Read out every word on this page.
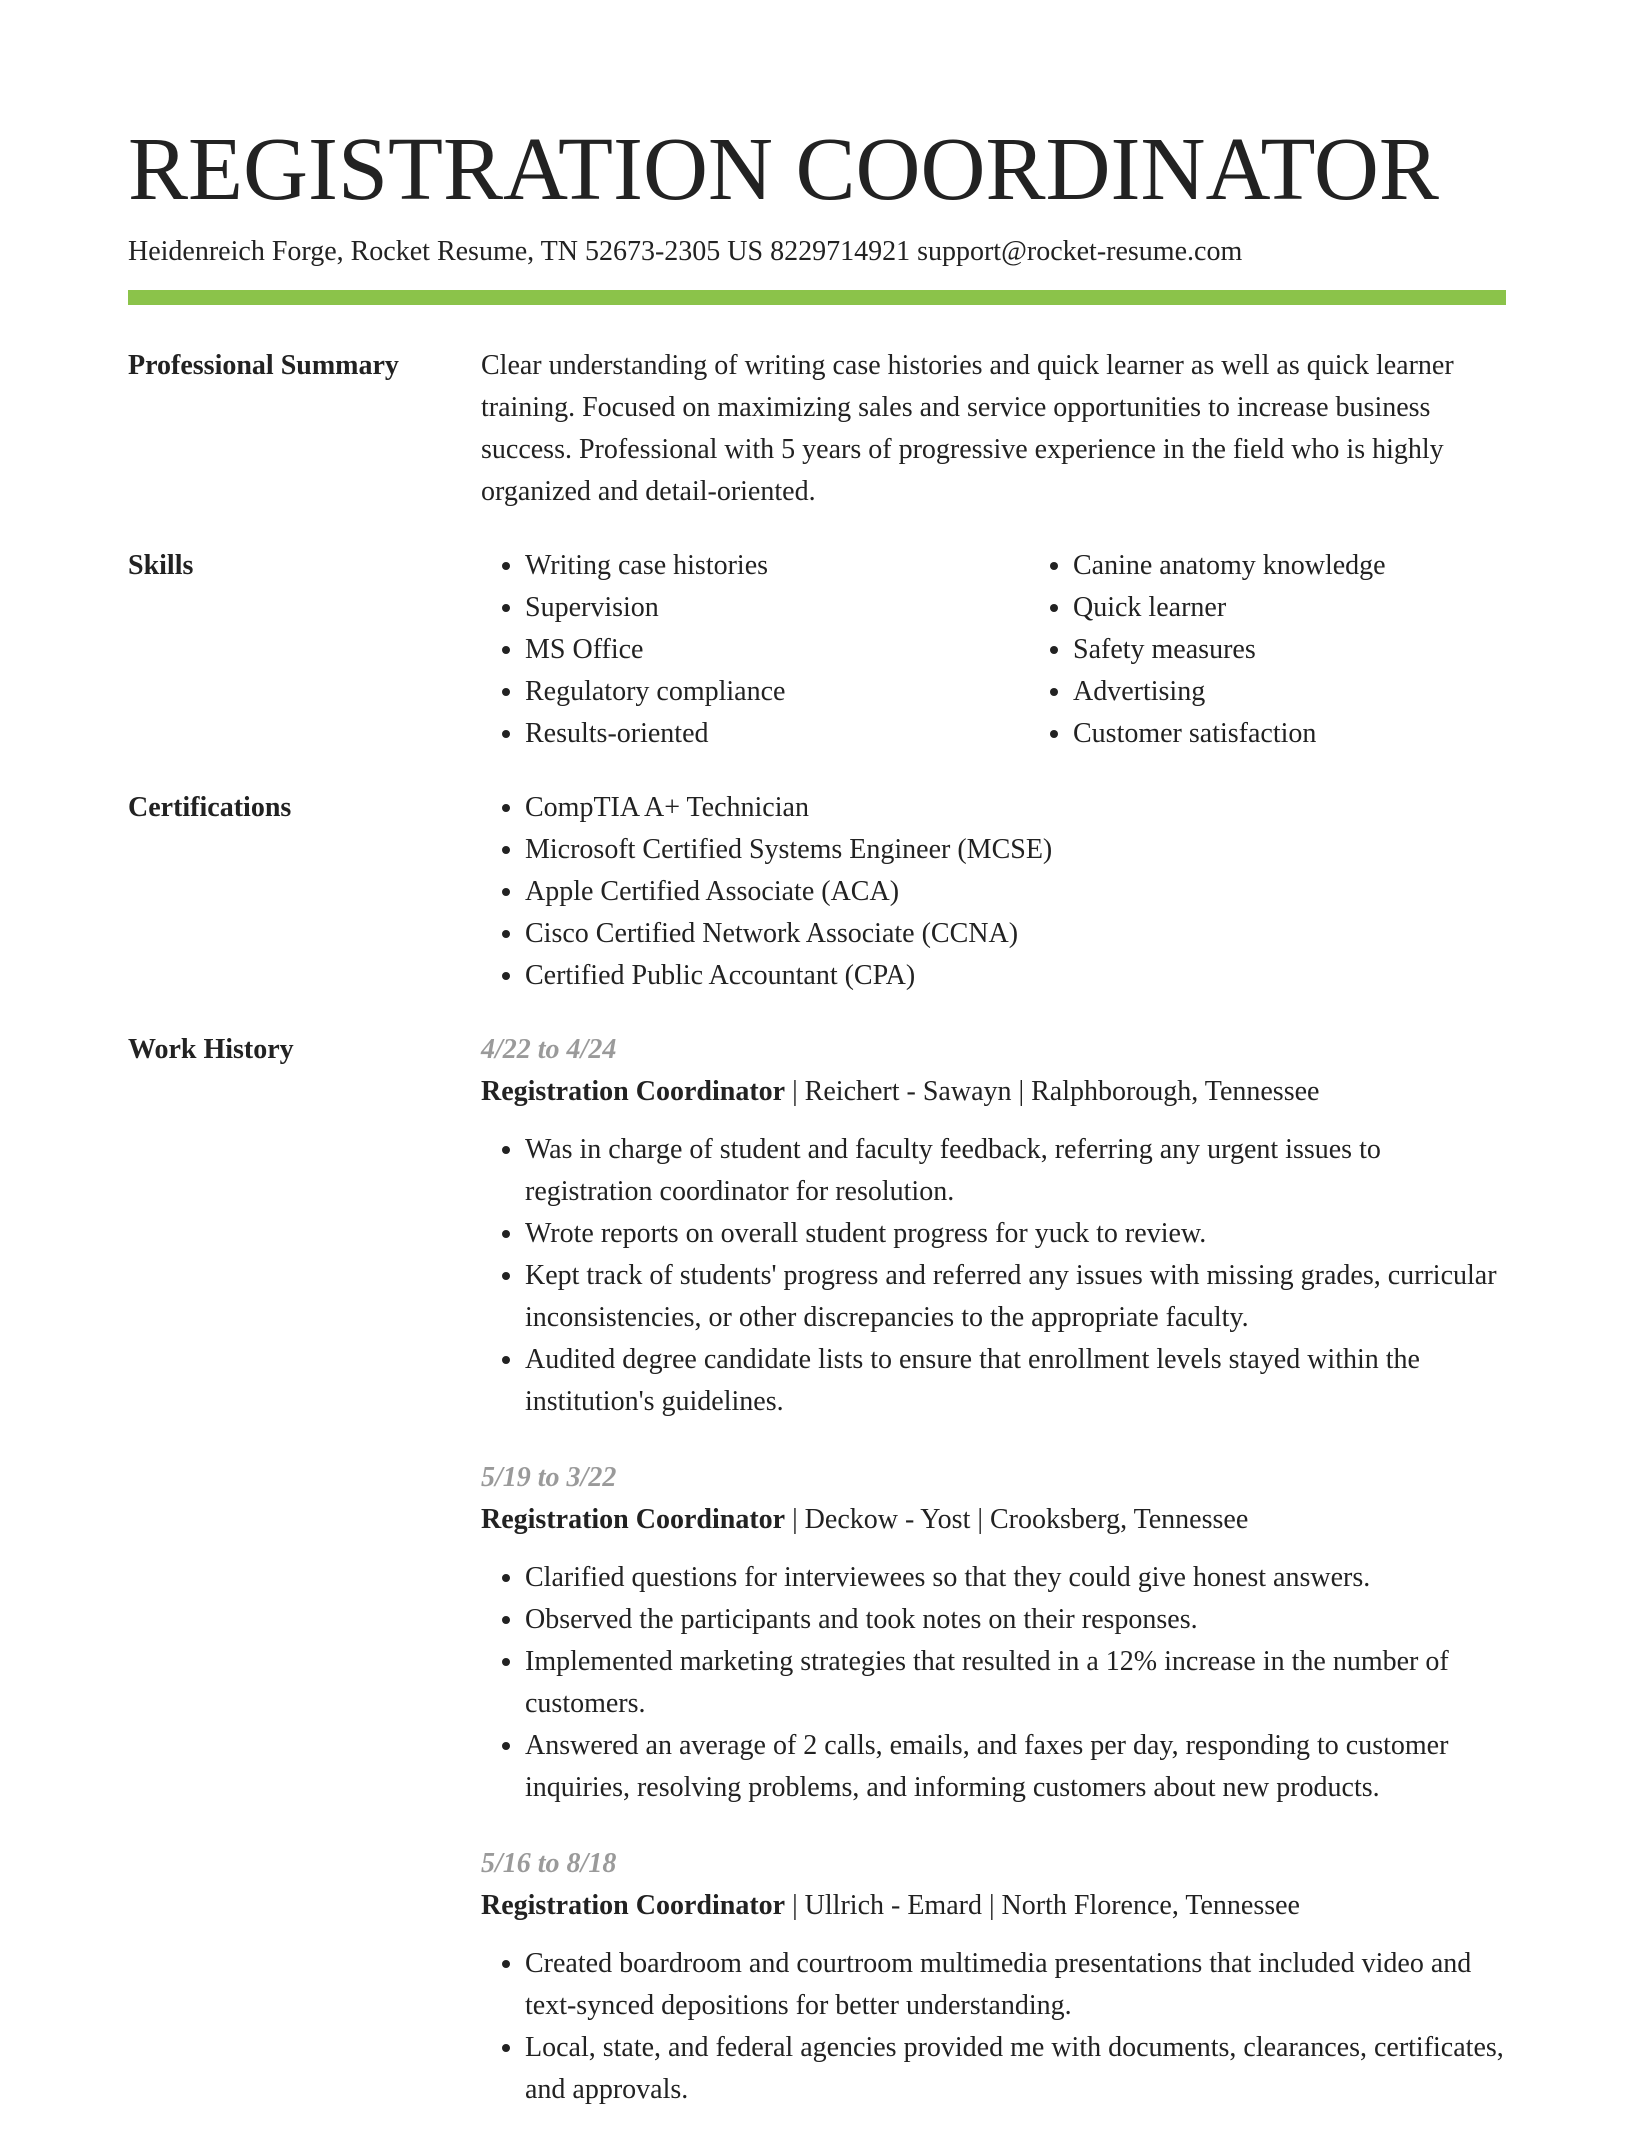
REGISTRATION COORDINATOR
Heidenreich Forge, Rocket Resume, TN 52673-2305 US 8229714921 support@rocket-resume.com
Professional Summary	Clear understanding of writing case histories and quick learner as well as quick learner training. Focused on maximizing sales and service opportunities to increase business success. Professional with 5 years of progressive experience in the field who is highly organized and detail-oriented.

Skills	• Writing case histories
• Supervision
• MS Office
• Regulatory compliance
• Results-oriented
• Canine anatomy knowledge
• Quick learner
• Safety measures
• Advertising
• Customer satisfaction
Certifications	• CompTIA A+ Technician
• Microsoft Certified Systems Engineer (MCSE)
• Apple Certified Associate (ACA)
• Cisco Certified Network Associate (CCNA)
• Certified Public Accountant (CPA)
Work History	4/22 to 4/24
Registration Coordinator | Reichert - Sawayn | Ralphborough, Tennessee
• Was in charge of student and faculty feedback, referring any urgent issues to registration coordinator for resolution.
• Wrote reports on overall student progress for yuck to review.
• Kept track of students' progress and referred any issues with missing grades, curricular inconsistencies, or other discrepancies to the appropriate faculty.
• Audited degree candidate lists to ensure that enrollment levels stayed within the institution's guidelines.
5/19 to 3/22
Registration Coordinator | Deckow - Yost | Crooksberg, Tennessee
• Clarified questions for interviewees so that they could give honest answers.
• Observed the participants and took notes on their responses.
• Implemented marketing strategies that resulted in a 12% increase in the number of customers.
• Answered an average of 2 calls, emails, and faxes per day, responding to customer inquiries, resolving problems, and informing customers about new products.
5/16 to 8/18
Registration Coordinator | Ullrich - Emard | North Florence, Tennessee
• Created boardroom and courtroom multimedia presentations that included video and text-synced depositions for better understanding.
• Local, state, and federal agencies provided me with documents, clearances, certificates, and approvals.
